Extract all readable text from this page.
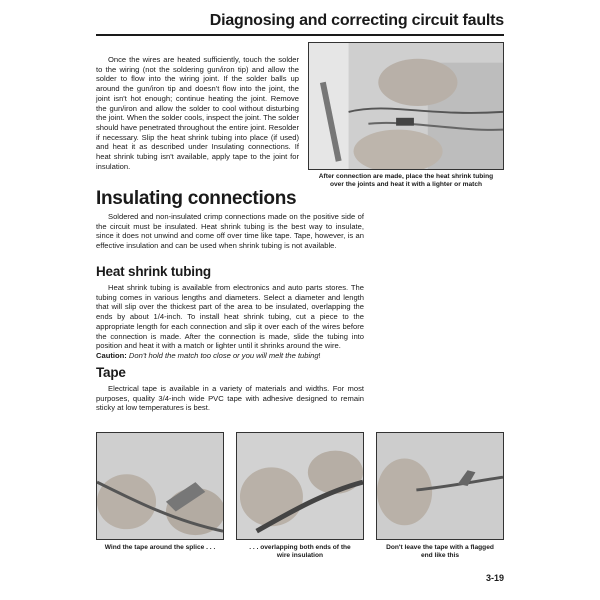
Diagnosing and correcting circuit faults

Once the wires are heated sufficiently, touch the solder to the wiring (not the soldering gun/iron tip) and allow the solder to flow into the wiring joint. If the solder balls up around the gun/iron tip and doesn't flow into the joint, the joint isn't hot enough; continue heating the joint. Remove the gun/iron and allow the solder to cool without disturbing the joint. When the solder cools, inspect the joint. The solder should have penetrated throughout the entire joint. Resolder if necessary. Slip the heat shrink tubing into place (if used) and heat it as described under Insulating connections. If heat shrink tubing isn't available, apply tape to the joint for insulation.

After connection are made, place the heat shrink tubing
over the joints and heat it with a lighter or match
Insulating connections

Soldered and non-insulated crimp connections made on the positive side of the circuit must be insulated. Heat shrink tubing is the best way to insulate, since it does not unwind and come off over time like tape. Tape, however, is an effective insulation and can be used when shrink tubing is not available.

Heat shrink tubing

Heat shrink tubing is available from electronics and auto parts stores. The tubing comes in various lengths and diameters. Select a diameter and length that will slip over the thickest part of the area to be insulated, overlapping the ends by about 1/4-inch. To install heat shrink tubing, cut a piece to the appropriate length for each connection and slip it over each of the wires before the connection is made. After the connection is made, slide the tubing into position and heat it with a match or lighter until it shrinks around the wire.

Caution: Don't hold the match too close or you will melt the tubing!

Tape

Electrical tape is available in a variety of materials and widths. For most purposes, quality 3/4-inch wide PVC tape with adhesive designed to remain sticky at low temperatures is best.

Wind the tape around the splice . . .	. . . overlapping both ends of the
wire insulation
Don't leave the tape with a flagged
end like this
3-19
